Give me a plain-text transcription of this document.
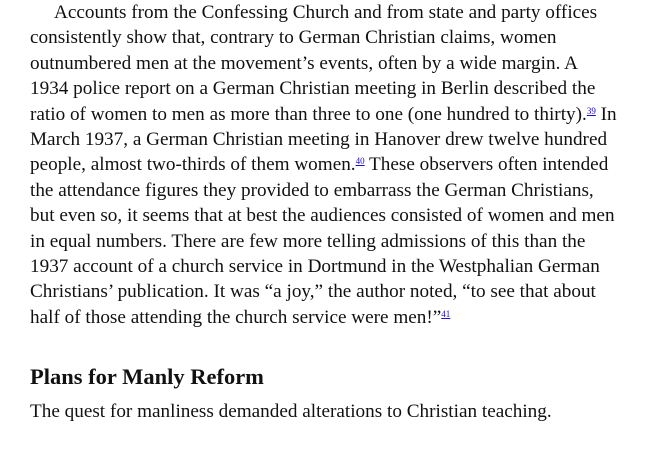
Accounts from the Confessing Church and from state and party offices consistently show that, contrary to German Christian claims, women outnumbered men at the movement’s events, often by a wide margin. A 1934 police report on a German Christian meeting in Berlin described the ratio of women to men as more than three to one (one hundred to thirty).$^{39}$ In March 1937, a German Christian meeting in Hanover drew twelve hundred people, almost two-thirds of them women.$^{40}$ These observers often intended the attendance figures they provided to embarrass the German Christians, but even so, it seems that at best the audiences consisted of women and men in equal numbers. There are few more telling admissions of this than the 1937 account of a church service in Dortmund in the Westphalian German Christians’ publication. It was “a joy,” the author noted, “to see that about half of those attending the church service were men!”$^{41}$

Plans for Manly Reform

The quest for manliness demanded alterations to Christian teaching.
